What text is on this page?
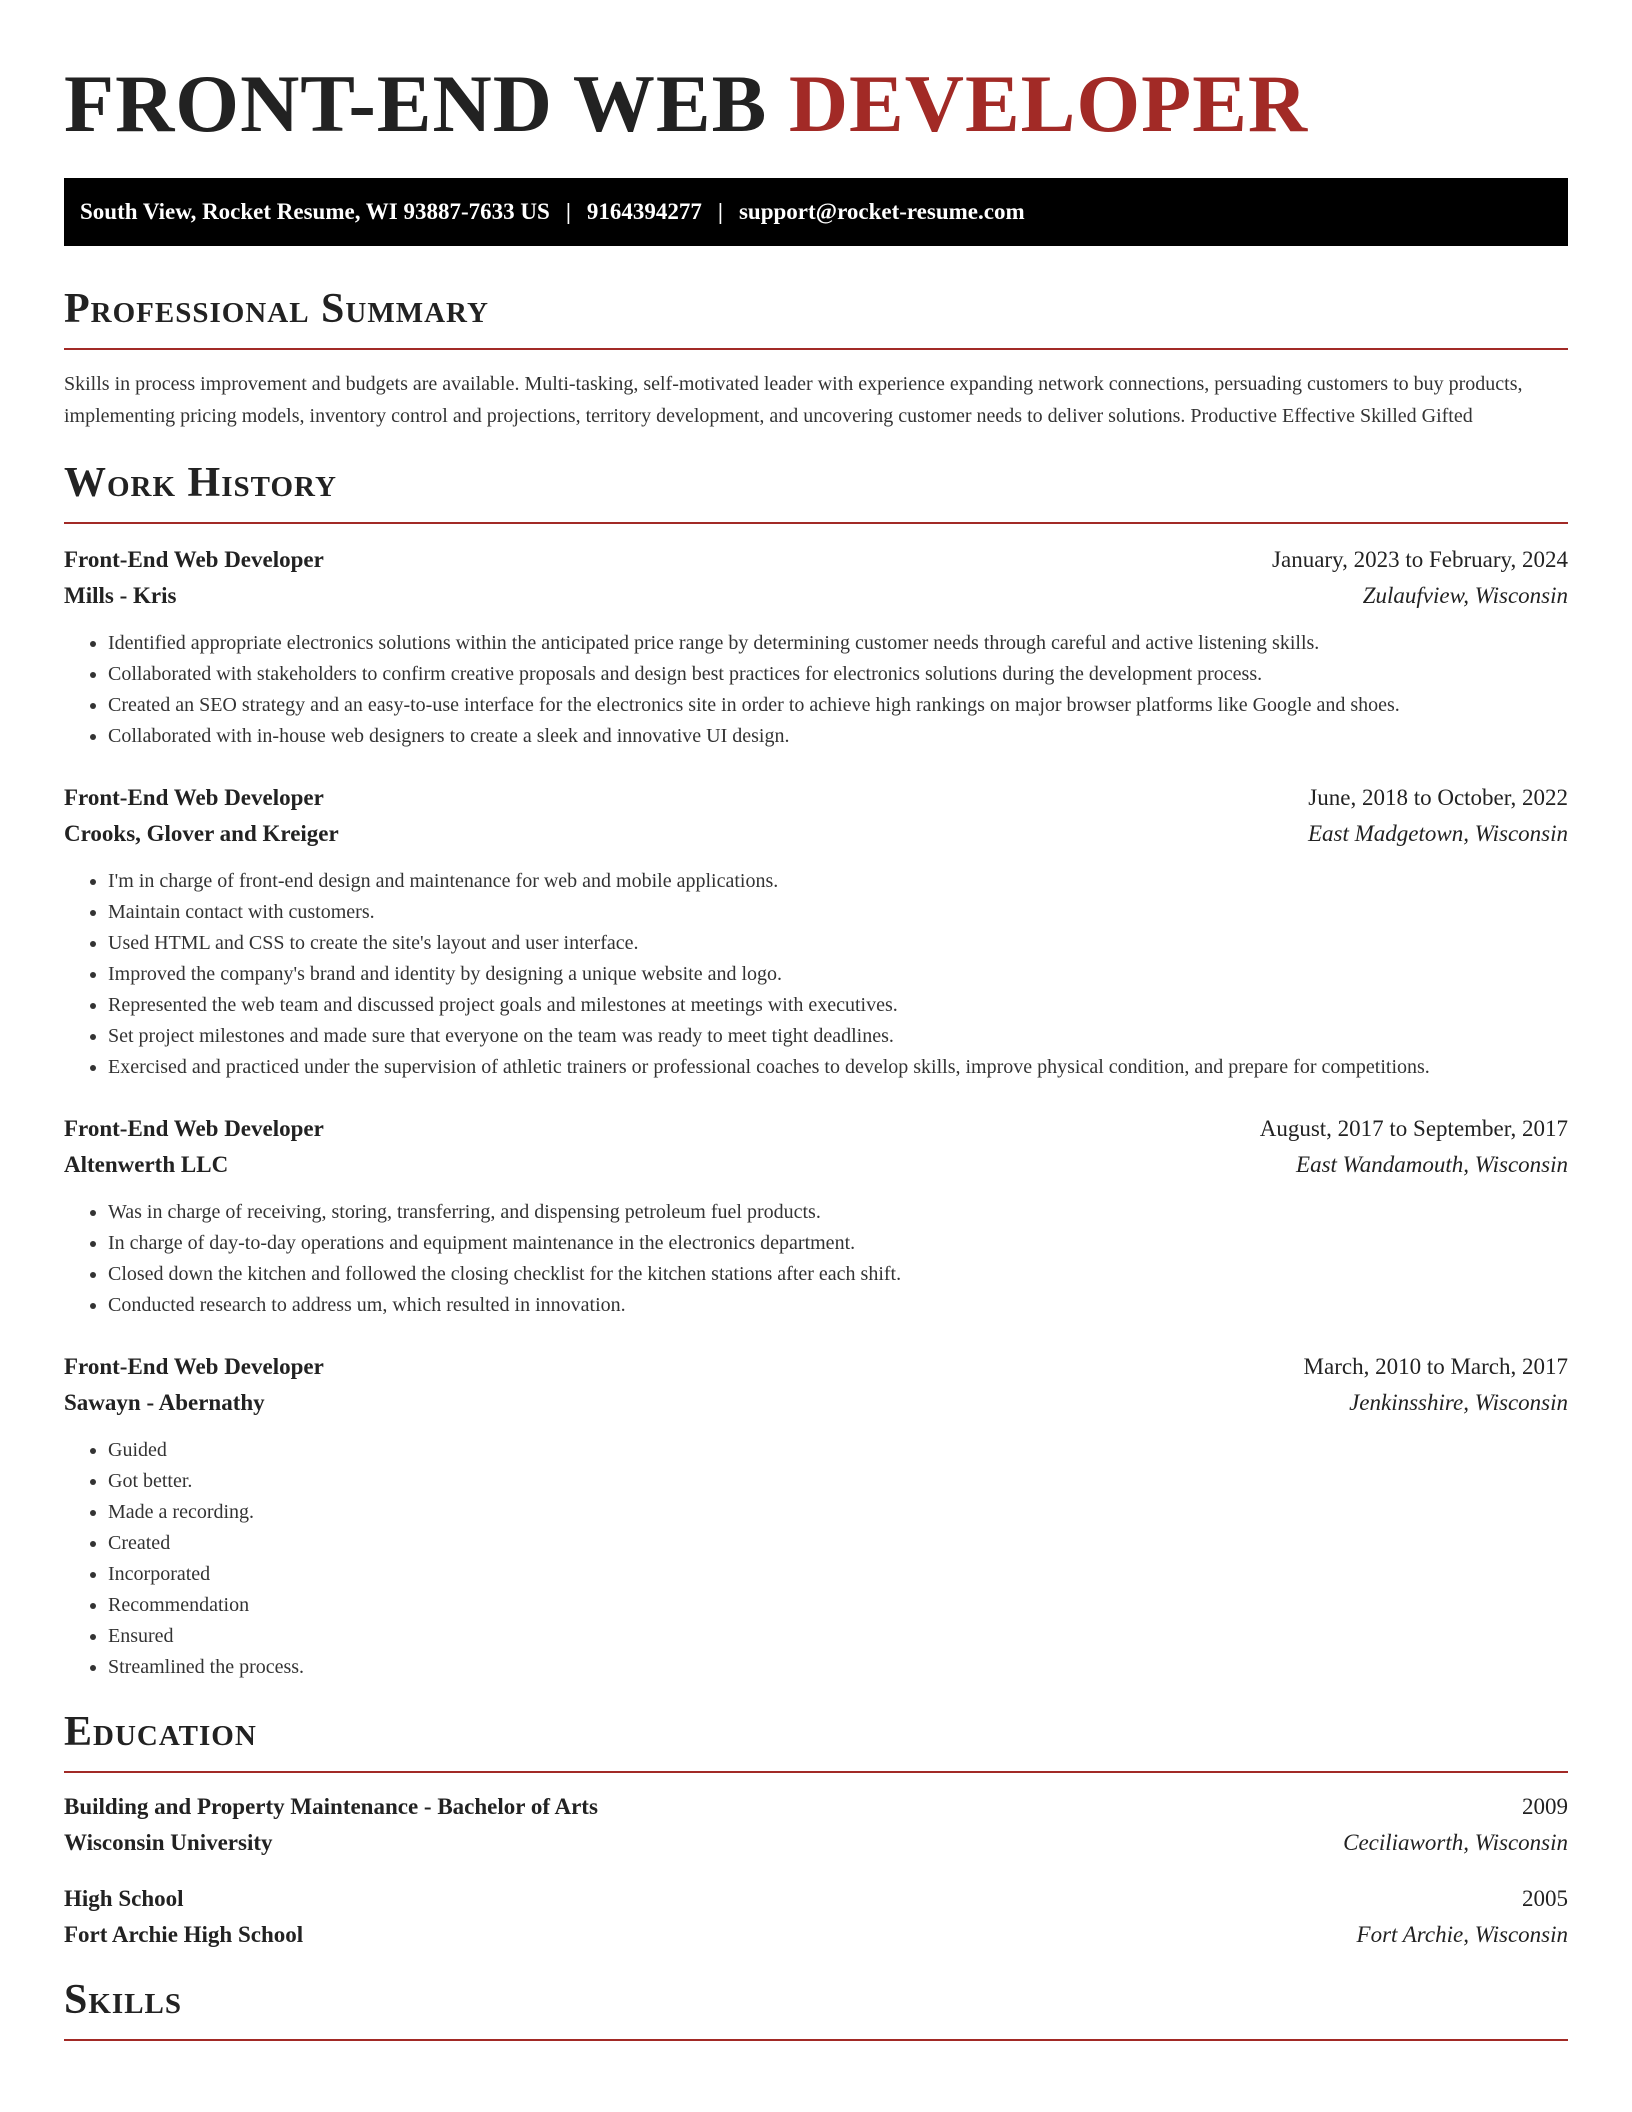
FRONT-END WEB DEVELOPER
South View, Rocket Resume, WI 93887-7633 US | 9164394277 | support@rocket-resume.com
Professional Summary

Skills in process improvement and budgets are available. Multi-tasking, self-motivated leader with experience expanding network connections, persuading customers to buy products, implementing pricing models, inventory control and projections, territory development, and uncovering customer needs to deliver solutions. Productive Effective Skilled Gifted

Work History
Front-End Web Developer	January, 2023 to February, 2024
Mills - Kris	Zulaufview, Wisconsin
• Identified appropriate electronics solutions within the anticipated price range by determining customer needs through careful and active listening skills.
• Collaborated with stakeholders to confirm creative proposals and design best practices for electronics solutions during the development process.
• Created an SEO strategy and an easy-to-use interface for the electronics site in order to achieve high rankings on major browser platforms like Google and shoes.
• Collaborated with in-house web designers to create a sleek and innovative UI design.
Front-End Web Developer	June, 2018 to October, 2022
Crooks, Glover and Kreiger	East Madgetown, Wisconsin
• I'm in charge of front-end design and maintenance for web and mobile applications.
• Maintain contact with customers.
• Used HTML and CSS to create the site's layout and user interface.
• Improved the company's brand and identity by designing a unique website and logo.
• Represented the web team and discussed project goals and milestones at meetings with executives.
• Set project milestones and made sure that everyone on the team was ready to meet tight deadlines.
• Exercised and practiced under the supervision of athletic trainers or professional coaches to develop skills, improve physical condition, and prepare for competitions.
Front-End Web Developer	August, 2017 to September, 2017
Altenwerth LLC	East Wandamouth, Wisconsin
• Was in charge of receiving, storing, transferring, and dispensing petroleum fuel products.
• In charge of day-to-day operations and equipment maintenance in the electronics department.
• Closed down the kitchen and followed the closing checklist for the kitchen stations after each shift.
• Conducted research to address um, which resulted in innovation.
Front-End Web Developer	March, 2010 to March, 2017
Sawayn - Abernathy	Jenkinsshire, Wisconsin
• Guided
• Got better.
• Made a recording.
• Created
• Incorporated
• Recommendation
• Ensured
• Streamlined the process.
Education
Building and Property Maintenance - Bachelor of Arts	2009
Wisconsin University	Ceciliaworth, Wisconsin
High School	2005
Fort Archie High School	Fort Archie, Wisconsin
Skills
